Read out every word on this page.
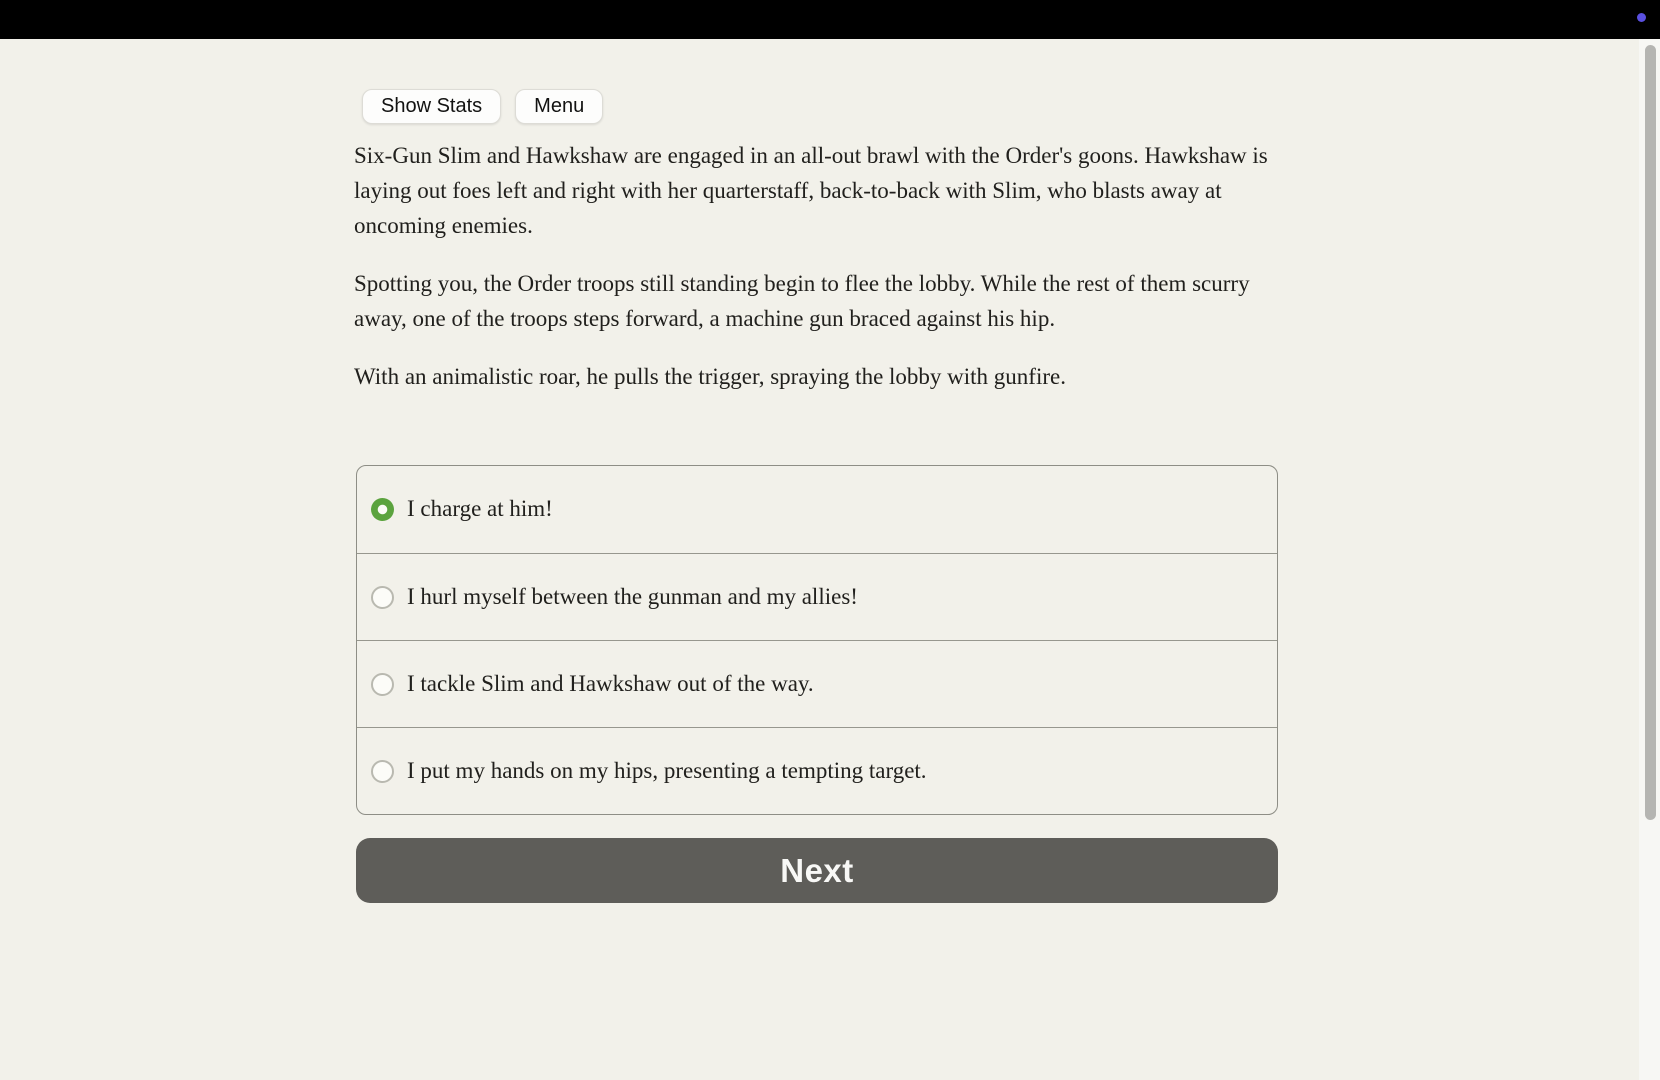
Show Stats	Menu

Six-Gun Slim and Hawkshaw are engaged in an all-out brawl with the Order's goons. Hawkshaw is laying out foes left and right with her quarterstaff, back-to-back with Slim, who blasts away at oncoming enemies.

Spotting you, the Order troops still standing begin to flee the lobby. While the rest of them scurry away, one of the troops steps forward, a machine gun braced against his hip.

With an animalistic roar, he pulls the trigger, spraying the lobby with gunfire.

I charge at him!
I hurl myself between the gunman and my allies!
I tackle Slim and Hawkshaw out of the way.
I put my hands on my hips, presenting a tempting target.
Next
